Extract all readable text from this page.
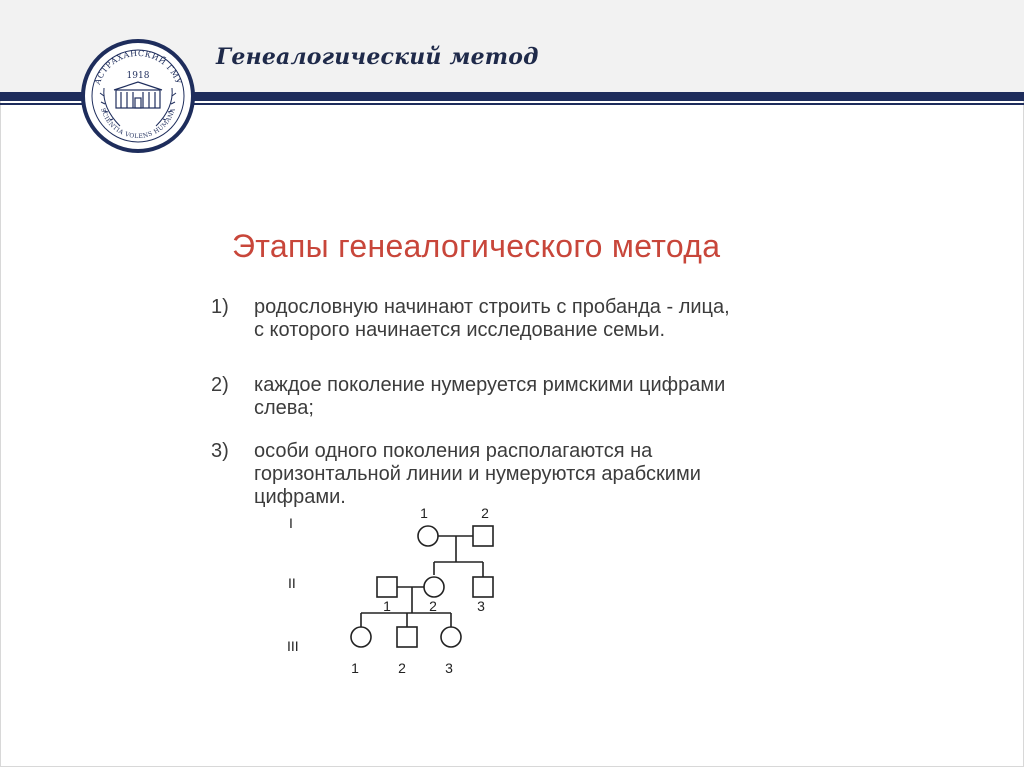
Генеалогический метод
АСТРАХАНСКИЙ ГМУ
SCIENTIA VOLENS HUMANA
1918
Этапы генеалогического метода
1) родословную начинают строить с пробанда - лица,
с которого начинается исследование семьи.
2) каждое поколение нумеруется римскими цифрами
слева;
3) особи одного поколения располагаются на
горизонтальной линии и нумеруются арабскими
цифрами.
I
II
III
1	2
1	2	3
1	2	3
